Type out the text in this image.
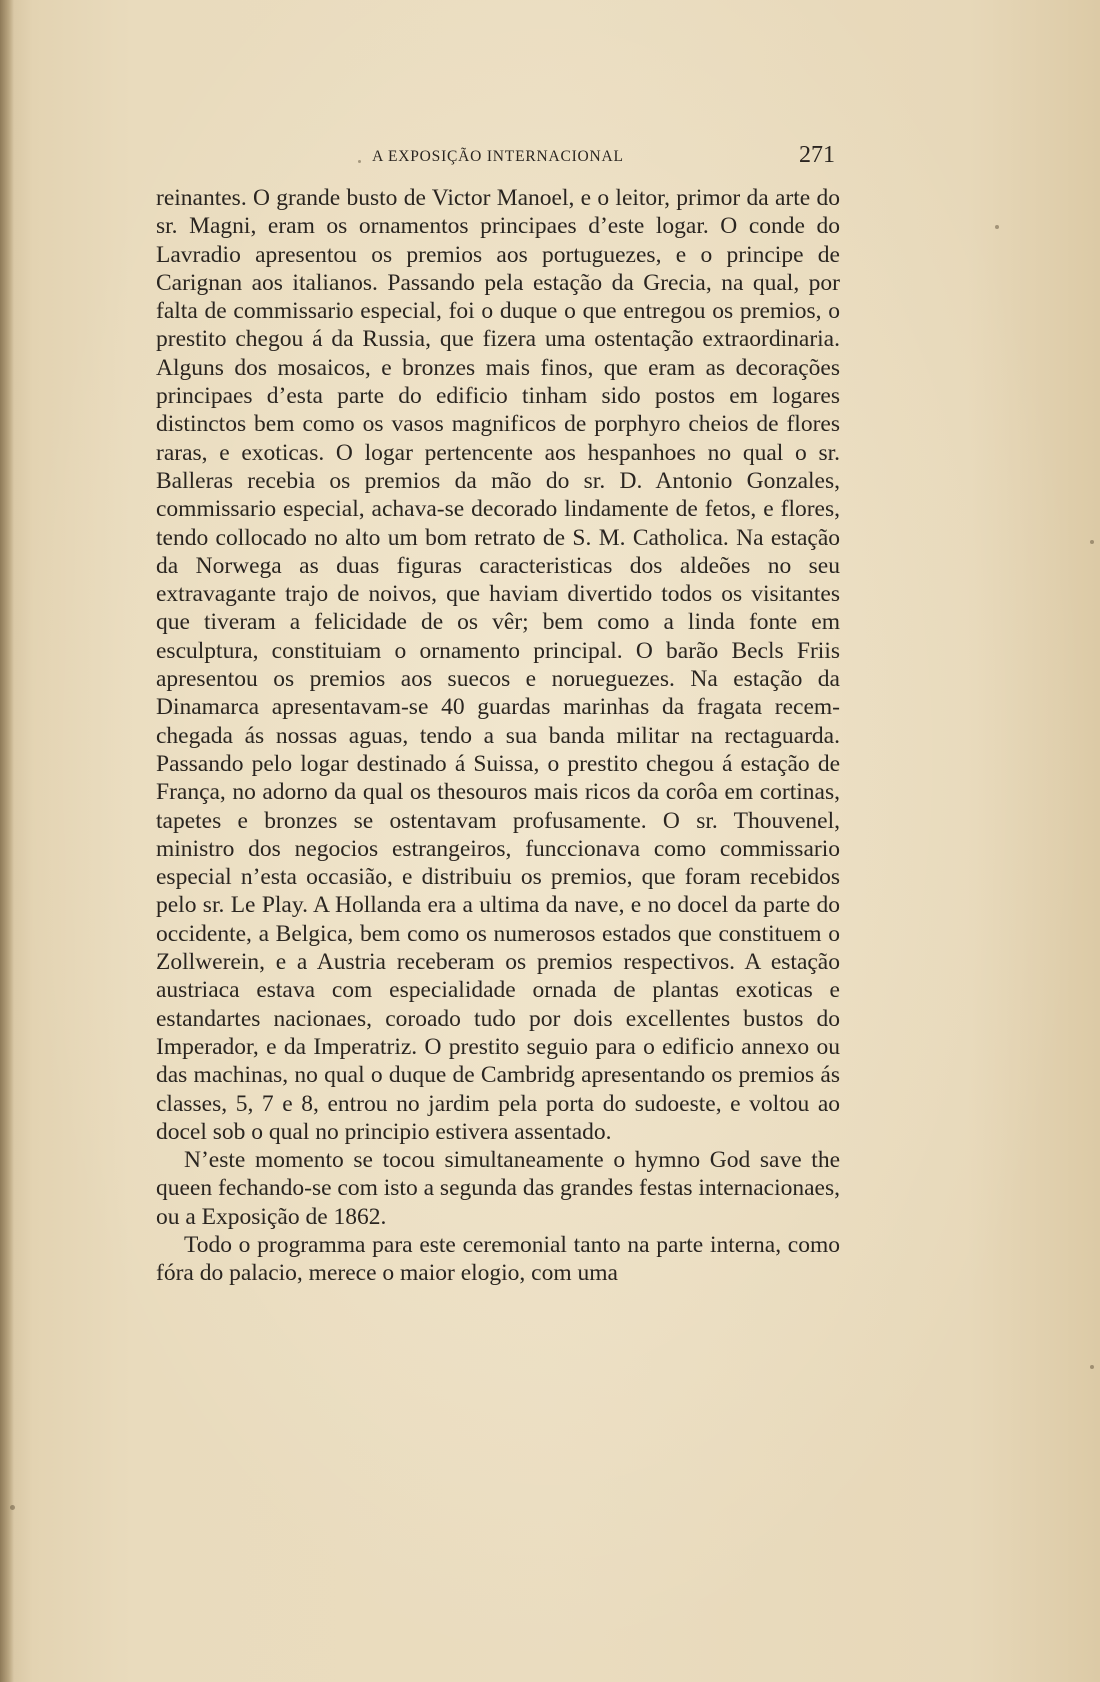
A EXPOSIÇÃO INTERNACIONAL	271

reinantes. O grande busto de Victor Manoel, e o leitor, primor da arte do sr. Magni, eram os ornamentos principaes d’este logar. O conde do Lavradio apresentou os premios aos portuguezes, e o principe de Carignan aos italianos. Passando pela estação da Grecia, na qual, por falta de commissario especial, foi o duque o que entregou os premios, o prestito chegou á da Russia, que fizera uma ostentação extraordinaria. Alguns dos mosaicos, e bronzes mais finos, que eram as decorações principaes d’esta parte do edificio tinham sido postos em logares distinctos bem como os vasos magnificos de porphyro cheios de flores raras, e exoticas. O logar pertencente aos hespanhoes no qual o sr. Balleras recebia os premios da mão do sr. D. Antonio Gonzales, commissario especial, achava-se decorado lindamente de fetos, e flores, tendo collocado no alto um bom retrato de S. M. Catholica. Na estação da Norwega as duas figuras caracteristicas dos aldeões no seu extravagante trajo de noivos, que haviam divertido todos os visitantes que tiveram a felicidade de os vêr; bem como a linda fonte em esculptura, constituiam o ornamento principal. O barão Becls Friis apresentou os premios aos suecos e norueguezes. Na estação da Dinamarca apresentavam-se 40 guardas marinhas da fragata recem-chegada ás nossas aguas, tendo a sua banda militar na rectaguarda. Passando pelo logar destinado á Suissa, o prestito chegou á estação de França, no adorno da qual os thesouros mais ricos da corôa em cortinas, tapetes e bronzes se ostentavam profusamente. O sr. Thouvenel, ministro dos negocios estrangeiros, funccionava como commissario especial n’esta occasião, e distribuiu os premios, que foram recebidos pelo sr. Le Play. A Hollanda era a ultima da nave, e no docel da parte do occidente, a Belgica, bem como os numerosos estados que constituem o Zollwerein, e a Austria receberam os premios respectivos. A estação austriaca estava com especialidade ornada de plantas exoticas e estandartes nacionaes, coroado tudo por dois excellentes bustos do Imperador, e da Imperatriz. O prestito seguio para o edificio annexo ou das machinas, no qual o duque de Cambridg apresentando os premios ás classes, 5, 7 e 8, entrou no jardim pela porta do sudoeste, e voltou ao docel sob o qual no principio estivera assentado.

N’este momento se tocou simultaneamente o hymno God save the queen fechando-se com isto a segunda das grandes festas internacionaes, ou a Exposição de 1862.

Todo o programma para este ceremonial tanto na parte interna, como fóra do palacio, merece o maior elogio, com uma
